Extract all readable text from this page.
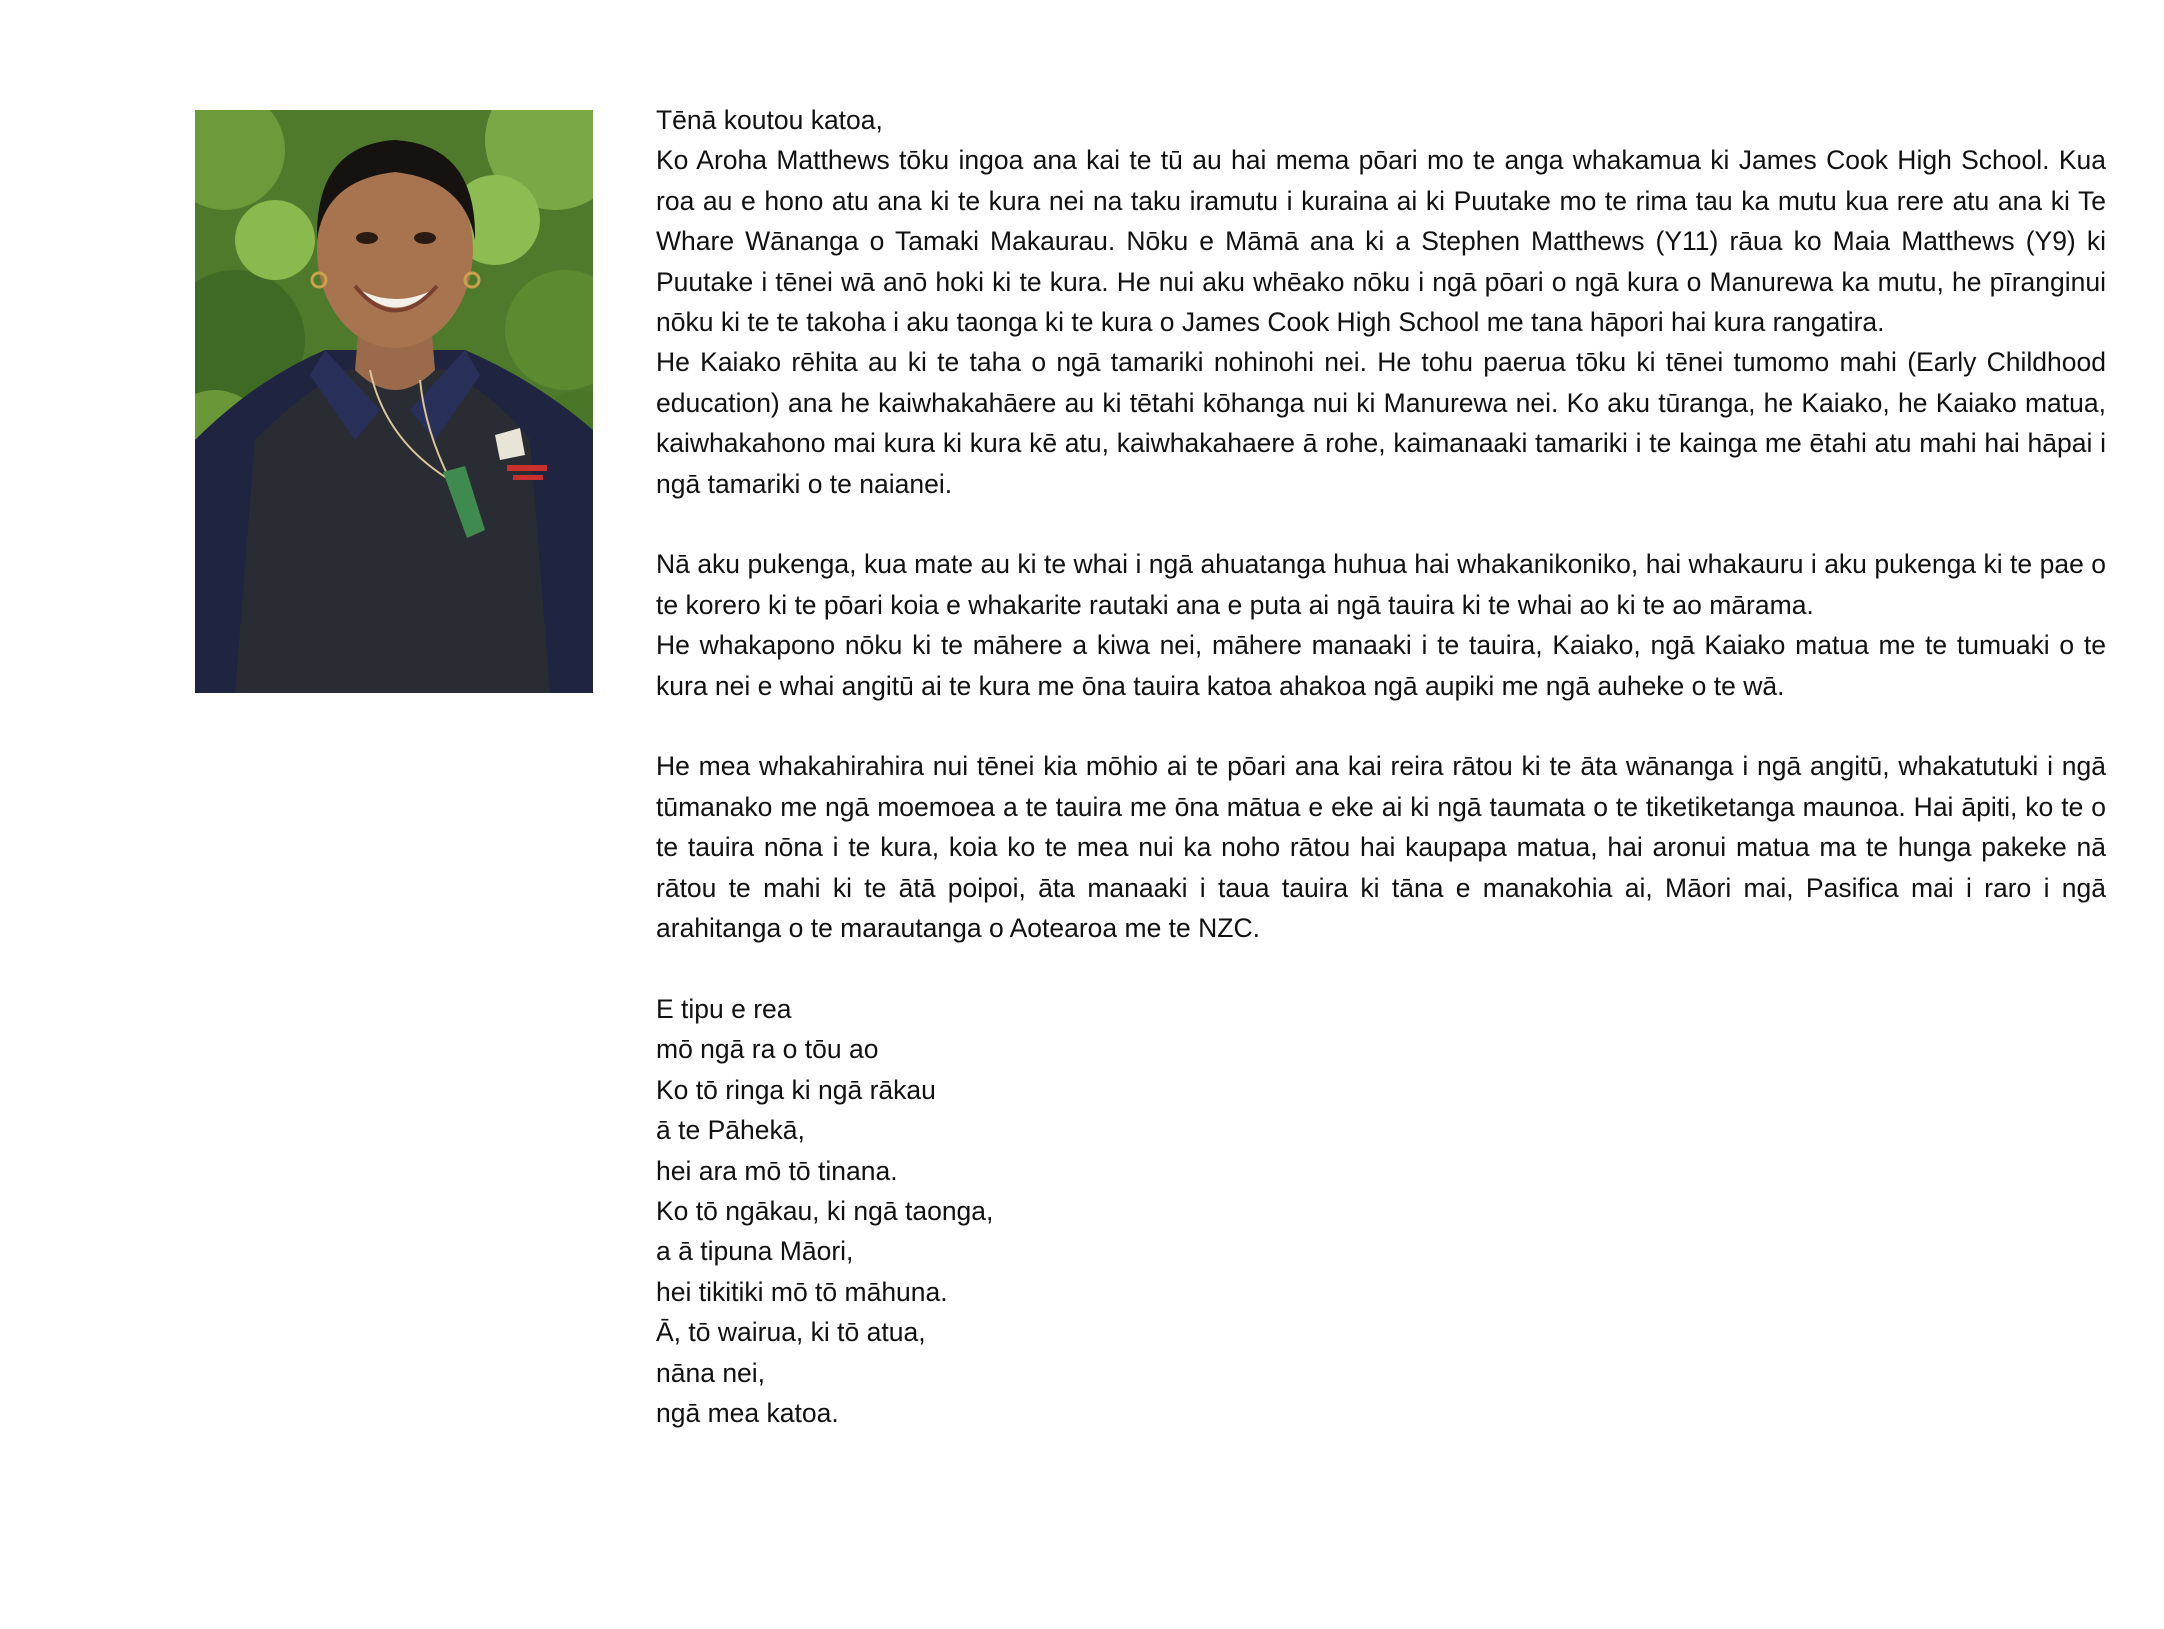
Tēnā koutou katoa,

Ko Aroha Matthews tōku ingoa ana kai te tū au hai mema pōari mo te anga whakamua ki James Cook High School. Kua roa au e hono atu ana ki te kura nei na taku iramutu i kuraina ai ki Puutake mo te rima tau ka mutu kua rere atu ana ki Te Whare Wānanga o Tamaki Makaurau. Nōku e Māmā ana ki a Stephen Matthews (Y11) rāua ko Maia Matthews (Y9) ki Puutake i tēnei wā anō hoki ki te kura. He nui aku whēako nōku i ngā pōari o ngā kura o Manurewa ka mutu, he pīranginui nōku ki te te takoha i aku taonga ki te kura o James Cook High School me tana hāpori hai kura rangatira.

He Kaiako rēhita au ki te taha o ngā tamariki nohinohi nei. He tohu paerua tōku ki tēnei tumomo mahi (Early Childhood education) ana he kaiwhakahāere au ki tētahi kōhanga nui ki Manurewa nei. Ko aku tūranga, he Kaiako, he Kaiako matua, kaiwhakahono mai kura ki kura kē atu, kaiwhakahaere ā rohe, kaimanaaki tamariki i te kainga me ētahi atu mahi hai hāpai i ngā tamariki o te naianei.

Nā aku pukenga, kua mate au ki te whai i ngā ahuatanga huhua hai whakanikoniko, hai whakauru i aku pukenga ki te pae o te korero ki te pōari koia e whakarite rautaki ana e puta ai ngā tauira ki te whai ao ki te ao mārama.

He whakapono nōku ki te māhere a kiwa nei, māhere manaaki i te tauira, Kaiako, ngā Kaiako matua me te tumuaki o te kura nei e whai angitū ai te kura me ōna tauira katoa ahakoa ngā aupiki me ngā auheke o te wā.

He mea whakahirahira nui tēnei kia mōhio ai te pōari ana kai reira rātou ki te āta wānanga i ngā angitū, whakatutuki i ngā tūmanako me ngā moemoea a te tauira me ōna mātua e eke ai ki ngā taumata o te tiketiketanga maunoa. Hai āpiti, ko te o te tauira nōna i te kura, koia ko te mea nui ka noho rātou hai kaupapa matua, hai aronui matua ma te hunga pakeke nā rātou te mahi ki te ātā poipoi, āta manaaki i taua tauira ki tāna e manakohia ai, Māori mai, Pasifica mai i raro i ngā arahitanga o te marautanga o Aotearoa me te NZC.

E tipu e rea
mō ngā ra o tōu ao
Ko tō ringa ki ngā rākau
ā te Pāhekā,
hei ara mō tō tinana.
Ko tō ngākau, ki ngā taonga,
a ā tipuna Māori,
hei tikitiki mō tō māhuna.
Ā, tō wairua, ki tō atua,
nāna nei,
ngā mea katoa.
